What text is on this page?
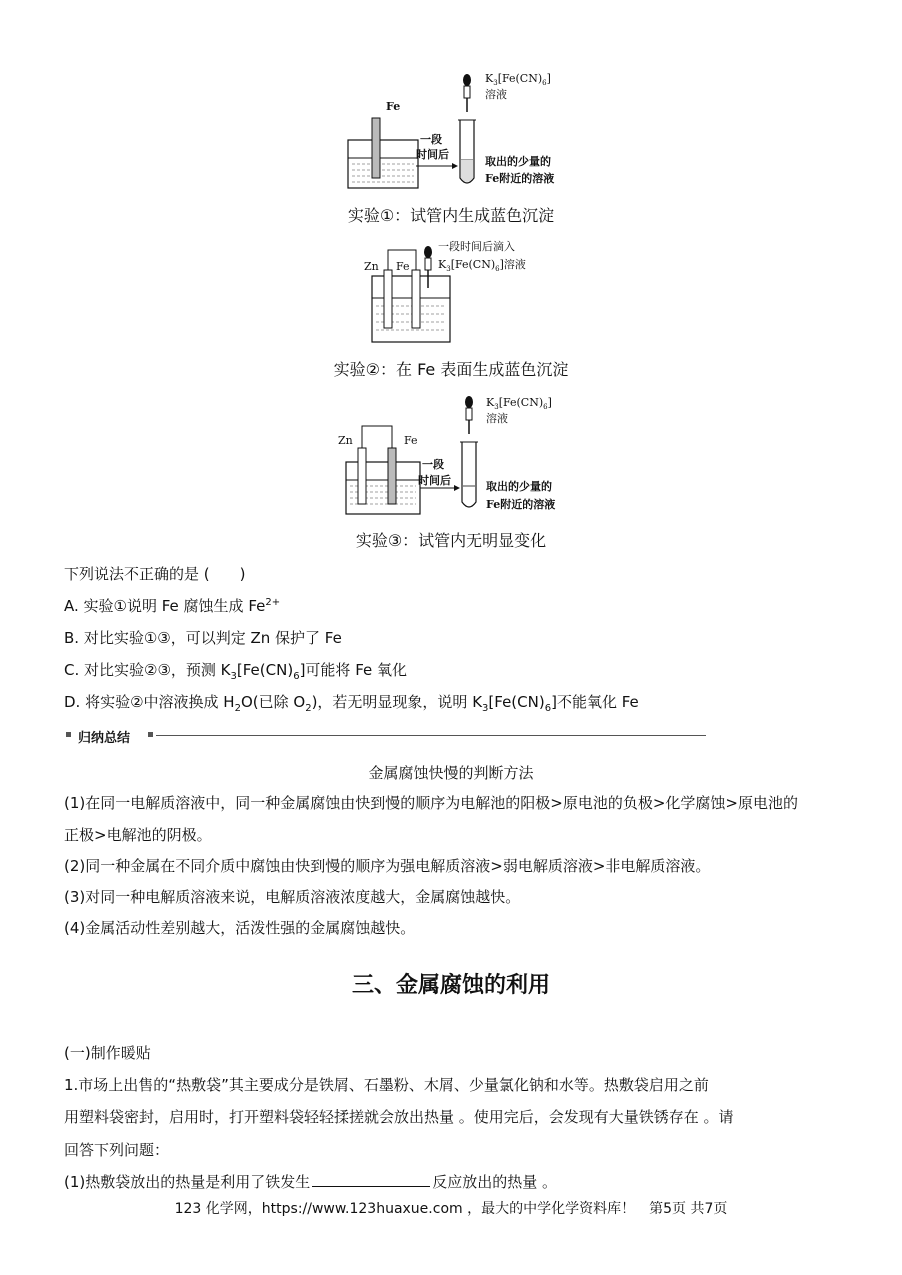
Fe
一段
时间后
$K_3[Fe(CN)_6]$
溶液
取出的少量的
Fe附近的溶液
实验①：试管内生成蓝色沉淀
Zn Fe
一段时间后滴入
$K_3[Fe(CN)_6]$溶液
实验②：在 Fe 表面生成蓝色沉淀
Zn	Fe
一段
时间后
$K_3[Fe(CN)_6]$
溶液
取出的少量的
Fe附近的溶液
实验③：试管内无明显变化
下列说法不正确的是 (　　)
A. 实验①说明 Fe 腐蚀生成 $Fe^{2+}$
B. 对比实验①③，可以判定 Zn 保护了 Fe
C. 对比实验②③，预测 $K_3[Fe(CN)_6]$可能将 Fe 氧化
D. 将实验②中溶液换成 $H_2O$(已除 $O_2$)，若无明显现象，说明 $K_3[Fe(CN)_6]$不能氧化 Fe
归纳总结
金属腐蚀快慢的判断方法
(1)在同一电解质溶液中，同一种金属腐蚀由快到慢的顺序为电解池的阳极>原电池的负极>化学腐蚀>原电池的
正极>电解池的阴极。
(2)同一种金属在不同介质中腐蚀由快到慢的顺序为强电解质溶液>弱电解质溶液>非电解质溶液。
(3)对同一种电解质溶液来说，电解质溶液浓度越大，金属腐蚀越快。
(4)金属活动性差别越大，活泼性强的金属腐蚀越快。
三、金属腐蚀的利用
(一)制作暖贴
1.市场上出售的“热敷袋”其主要成分是铁屑、石墨粉、木屑、少量氯化钠和水等。热敷袋启用之前
用塑料袋密封，启用时，打开塑料袋轻轻揉搓就会放出热量 。使用完后，会发现有大量铁锈存在 。请
回答下列问题：
(1)热敷袋放出的热量是利用了铁发生	反应放出的热量 。
123 化学网，https://www.123huaxue.com ，最大的中学化学资料库！　第5页 共7页
